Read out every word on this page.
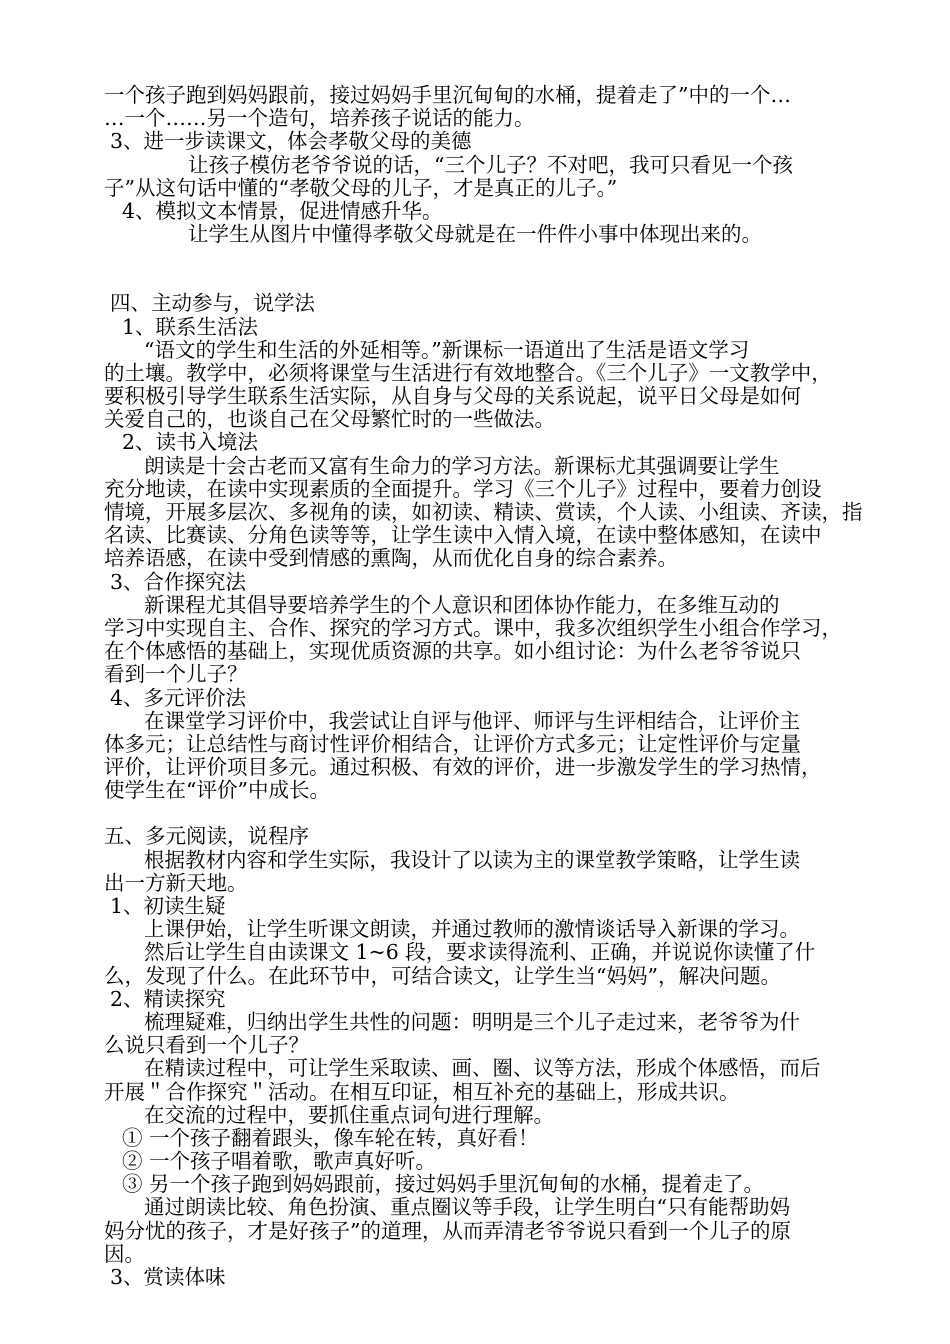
一个孩子跑到妈妈跟前，接过妈妈手里沉甸甸的水桶，提着走了”中的一个…
…一个……另一个造句，培养孩子说话的能力。
3、进一步读课文，体会孝敬父母的美德
让孩子模仿老爷爷说的话，“三个儿子？不对吧，我可只看见一个孩
子”从这句话中懂的“孝敬父母的儿子，才是真正的儿子。”
4、模拟文本情景，促进情感升华。
让学生从图片中懂得孝敬父母就是在一件件小事中体现出来的。
四、主动参与，说学法
1、联系生活法
“语文的学生和生活的外延相等。”新课标一语道出了生活是语文学习
的土壤。教学中，必须将课堂与生活进行有效地整合。《三个儿子》一文教学中，
要积极引导学生联系生活实际，从自身与父母的关系说起，说平日父母是如何
关爱自己的，也谈自己在父母繁忙时的一些做法。
2、读书入境法
朗读是十会古老而又富有生命力的学习方法。新课标尤其强调要让学生
充分地读，在读中实现素质的全面提升。学习《三个儿子》过程中，要着力创设
情境，开展多层次、多视角的读，如初读、精读、赏读，个人读、小组读、齐读，指
名读、比赛读、分角色读等等，让学生读中入情入境，在读中整体感知，在读中
培养语感，在读中受到情感的熏陶，从而优化自身的综合素养。
3、合作探究法
新课程尤其倡导要培养学生的个人意识和团体协作能力，在多维互动的
学习中实现自主、合作、探究的学习方式。课中，我多次组织学生小组合作学习，
在个体感悟的基础上，实现优质资源的共享。如小组讨论：为什么老爷爷说只
看到一个儿子？
4、多元评价法
在课堂学习评价中，我尝试让自评与他评、师评与生评相结合，让评价主
体多元；让总结性与商讨性评价相结合，让评价方式多元；让定性评价与定量
评价，让评价项目多元。通过积极、有效的评价，进一步激发学生的学习热情，
使学生在“评价”中成长。
五、多元阅读，说程序
根据教材内容和学生实际，我设计了以读为主的课堂教学策略，让学生读
出一方新天地。
1、初读生疑
上课伊始，让学生听课文朗读，并通过教师的激情谈话导入新课的学习。
然后让学生自由读课文 1~6 段，要求读得流利、正确，并说说你读懂了什
么，发现了什么。在此环节中，可结合读文，让学生当“妈妈”，解决问题。
2、精读探究
梳理疑难，归纳出学生共性的问题：明明是三个儿子走过来，老爷爷为什
么说只看到一个儿子？
在精读过程中，可让学生采取读、画、圈、议等方法，形成个体感悟，而后
开展＂合作探究＂活动。在相互印证，相互补充的基础上，形成共识。
在交流的过程中，要抓住重点词句进行理解。
① 一个孩子翻着跟头，像车轮在转，真好看！
② 一个孩子唱着歌，歌声真好听。
③ 另一个孩子跑到妈妈跟前，接过妈妈手里沉甸甸的水桶，提着走了。
通过朗读比较、角色扮演、重点圈议等手段，让学生明白“只有能帮助妈
妈分忧的孩子，才是好孩子”的道理，从而弄清老爷爷说只看到一个儿子的原
因。
3、赏读体味
